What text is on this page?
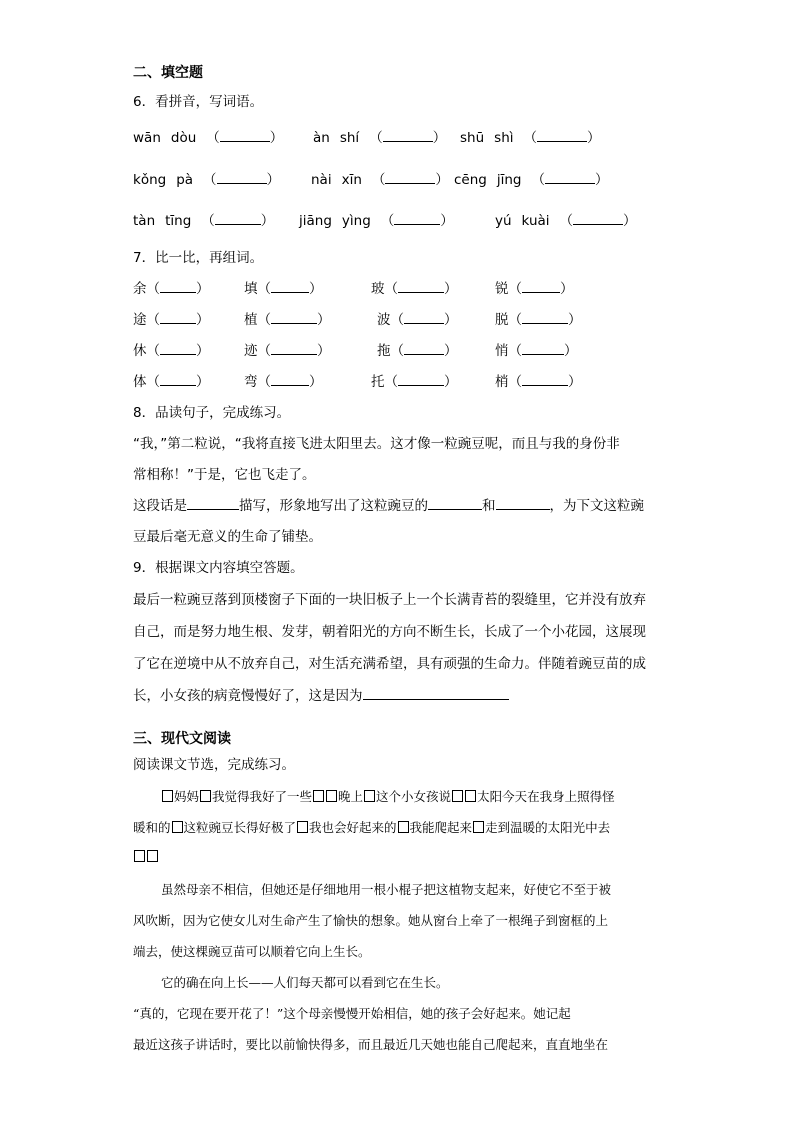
二、填空题
6．看拼音，写词语。
wān dòu （	） àn shí （	） shū shì （	）
kǒng pà （	） nài xīn （	） cēng jīng （	）
tàn tīng （	） jiāng yìng （	）	yú kuài （	）
7．比一比，再组词。
余（	）	填（	）	玻（	）	锐（	）
途（	）	植（	）	波（	）	脱（	）
休（	）	迹（	）	拖（	）	悄（	）
体（	）	弯（	）	托（	）	梢（	）
8．品读句子，完成练习。
“我，”第二粒说，“我将直接飞进太阳里去。这才像一粒豌豆呢，而且与我的身份非
常相称！”于是，它也飞走了。
这段话是	描写，形象地写出了这粒豌豆的	和	，为下文这粒豌
豆最后毫无意义的生命了铺垫。
9．根据课文内容填空答题。
最后一粒豌豆落到顶楼窗子下面的一块旧板子上一个长满青苔的裂缝里，它并没有放弃
自己，而是努力地生根、发芽，朝着阳光的方向不断生长，长成了一个小花园，这展现
了它在逆境中从不放弃自己，对生活充满希望，具有顽强的生命力。伴随着豌豆苗的成
长，小女孩的病竟慢慢好了，这是因为
三、现代文阅读
阅读课文节选，完成练习。
妈妈 我觉得我好了一些 晚上 这个小女孩说 太阳今天在我身上照得怪
暖和的 这粒豌豆长得好极了 我也会好起来的 我能爬起来 走到温暖的太阳光中去
虽然母亲不相信，但她还是仔细地用一根小棍子把这植物支起来，好使它不至于被
风吹断，因为它使女儿对生命产生了愉快的想象。她从窗台上牵了一根绳子到窗框的上
端去，使这棵豌豆苗可以顺着它向上生长。
它的确在向上长——人们每天都可以看到它在生长。
“真的，它现在要开花了！”这个母亲慢慢开始相信，她的孩子会好起来。她记起
最近这孩子讲话时，要比以前愉快得多，而且最近几天她也能自己爬起来，直直地坐在
